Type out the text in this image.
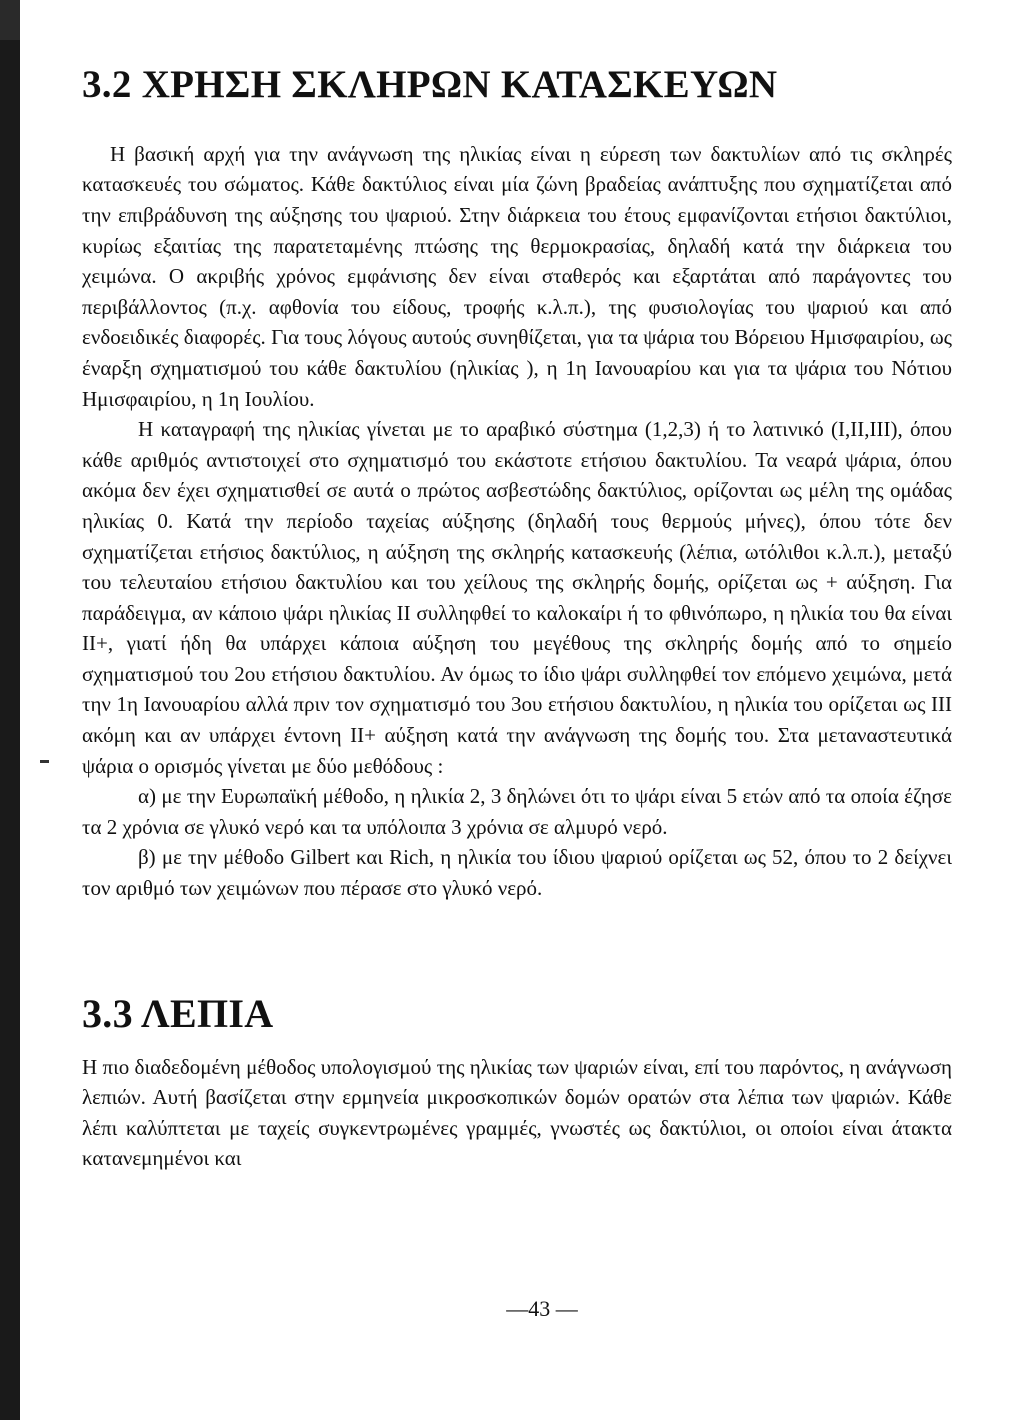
3.2 ΧΡΗΣΗ ΣΚΛΗΡΩΝ ΚΑΤΑΣΚΕΥΩΝ

Η βασική αρχή για την ανάγνωση της ηλικίας είναι η εύρεση των δακτυλίων από τις σκληρές κατασκευές του σώματος. Κάθε δακτύλιος είναι μία ζώνη βραδείας ανάπτυξης που σχηματίζεται από την επιβράδυνση της αύξησης του ψαριού. Στην διάρκεια του έτους εμφανίζονται ετήσιοι δακτύλιοι, κυρίως εξαιτίας της παρατεταμένης πτώσης της θερμοκρασίας, δηλαδή κατά την διάρκεια του χειμώνα. Ο ακριβής χρόνος εμφάνισης δεν είναι σταθερός και εξαρτάται από παράγοντες του περιβάλλοντος (π.χ. αφθονία του είδους, τροφής κ.λ.π.), της φυσιολογίας του ψαριού και από ενδοειδικές διαφορές. Για τους λόγους αυτούς συνηθίζεται, για τα ψάρια του Βόρειου Ημισφαιρίου, ως έναρξη σχηματισμού του κάθε δακτυλίου (ηλικίας ), η 1η Ιανουαρίου και για τα ψάρια του Νότιου Ημισφαιρίου, η 1η Ιουλίου.

Η καταγραφή της ηλικίας γίνεται με το αραβικό σύστημα (1,2,3) ή το λατινικό (Ι,ΙΙ,ΙΙΙ), όπου κάθε αριθμός αντιστοιχεί στο σχηματισμό του εκάστοτε ετήσιου δακτυλίου. Τα νεαρά ψάρια, όπου ακόμα δεν έχει σχηματισθεί σε αυτά ο πρώτος ασβεστώδης δακτύλιος, ορίζονται ως μέλη της ομάδας ηλικίας 0. Κατά την περίοδο ταχείας αύξησης (δηλαδή τους θερμούς μήνες), όπου τότε δεν σχηματίζεται ετήσιος δακτύλιος, η αύξηση της σκληρής κατασκευής (λέπια, ωτόλιθοι κ.λ.π.), μεταξύ του τελευταίου ετήσιου δακτυλίου και του χείλους της σκληρής δομής, ορίζεται ως + αύξηση. Για παράδειγμα, αν κάποιο ψάρι ηλικίας ΙΙ συλληφθεί το καλοκαίρι ή το φθινόπωρο, η ηλικία του θα είναι ΙΙ+, γιατί ήδη θα υπάρχει κάποια αύξηση του μεγέθους της σκληρής δομής από το σημείο σχηματισμού του 2ου ετήσιου δακτυλίου. Αν όμως το ίδιο ψάρι συλληφθεί τον επόμενο χειμώνα, μετά την 1η Ιανουαρίου αλλά πριν τον σχηματισμό του 3ου ετήσιου δακτυλίου, η ηλικία του ορίζεται ως ΙΙΙ ακόμη και αν υπάρχει έντονη ΙΙ+ αύξηση κατά την ανάγνωση της δομής του. Στα μεταναστευτικά ψάρια ο ορισμός γίνεται με δύο μεθόδους :

α) με την Ευρωπαϊκή μέθοδο, η ηλικία 2, 3 δηλώνει ότι το ψάρι είναι 5 ετών από τα οποία έζησε τα 2 χρόνια σε γλυκό νερό και τα υπόλοιπα 3 χρόνια σε αλμυρό νερό.

β) με την μέθοδο Gilbert και Rich, η ηλικία του ίδιου ψαριού ορίζεται ως 52, όπου το 2 δείχνει τον αριθμό των χειμώνων που πέρασε στο γλυκό νερό.

3.3 ΛΕΠΙΑ

Η πιο διαδεδομένη μέθοδος υπολογισμού της ηλικίας των ψαριών είναι, επί του παρόντος, η ανάγνωση λεπιών. Αυτή βασίζεται στην ερμηνεία μικροσκοπικών δομών ορατών στα λέπια των ψαριών. Κάθε λέπι καλύπτεται με ταχείς συγκεντρωμένες γραμμές, γνωστές ως δακτύλιοι, οι οποίοι είναι άτακτα κατανεμημένοι και

—43 —
